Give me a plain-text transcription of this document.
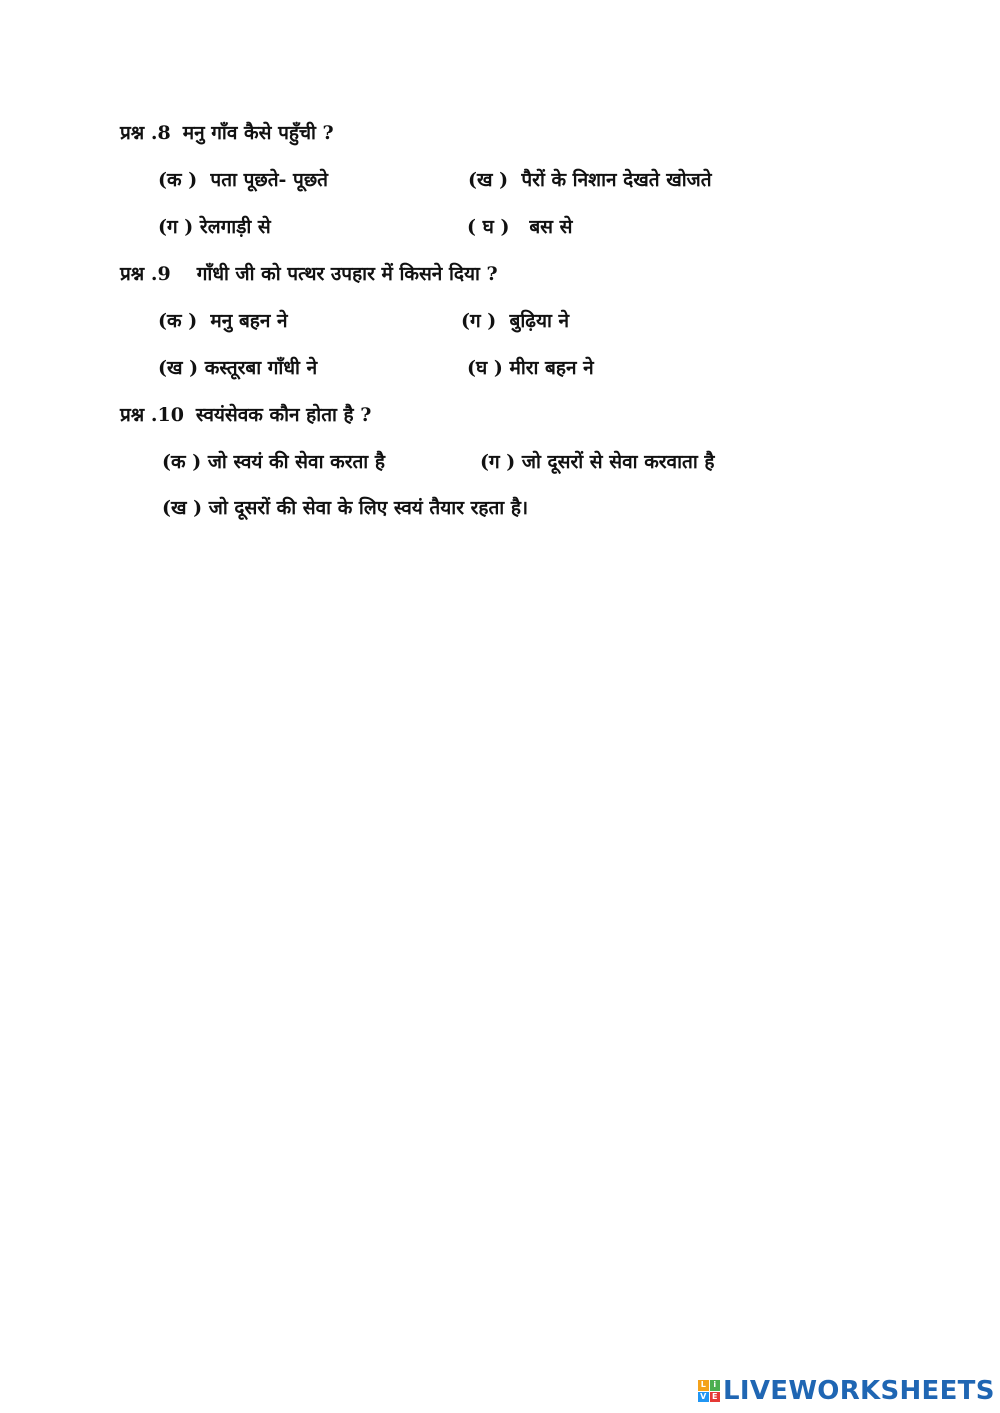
प्रश्न .8 मनु गाँव कैसे पहुँची ?
(क ) पता पूछते- पूछते	(ख ) पैरों के निशान देखते खोजते
(ग ) रेलगाड़ी से	( घ ) बस से
प्रश्न .9 गाँधी जी को पत्थर उपहार में किसने दिया ?
(क ) मनु बहन ने	(ग ) बुढ़िया ने
(ख ) कस्तूरबा गाँधी ने	(घ ) मीरा बहन ने
प्रश्न .10 स्वयंसेवक कौन होता है ?
(क ) जो स्वयं की सेवा करता है	(ग ) जो दूसरों से सेवा करवाता है
(ख ) जो दूसरों की सेवा के लिए स्वयं तैयार रहता है।
L i
V E LIVEWORKSHEETS
